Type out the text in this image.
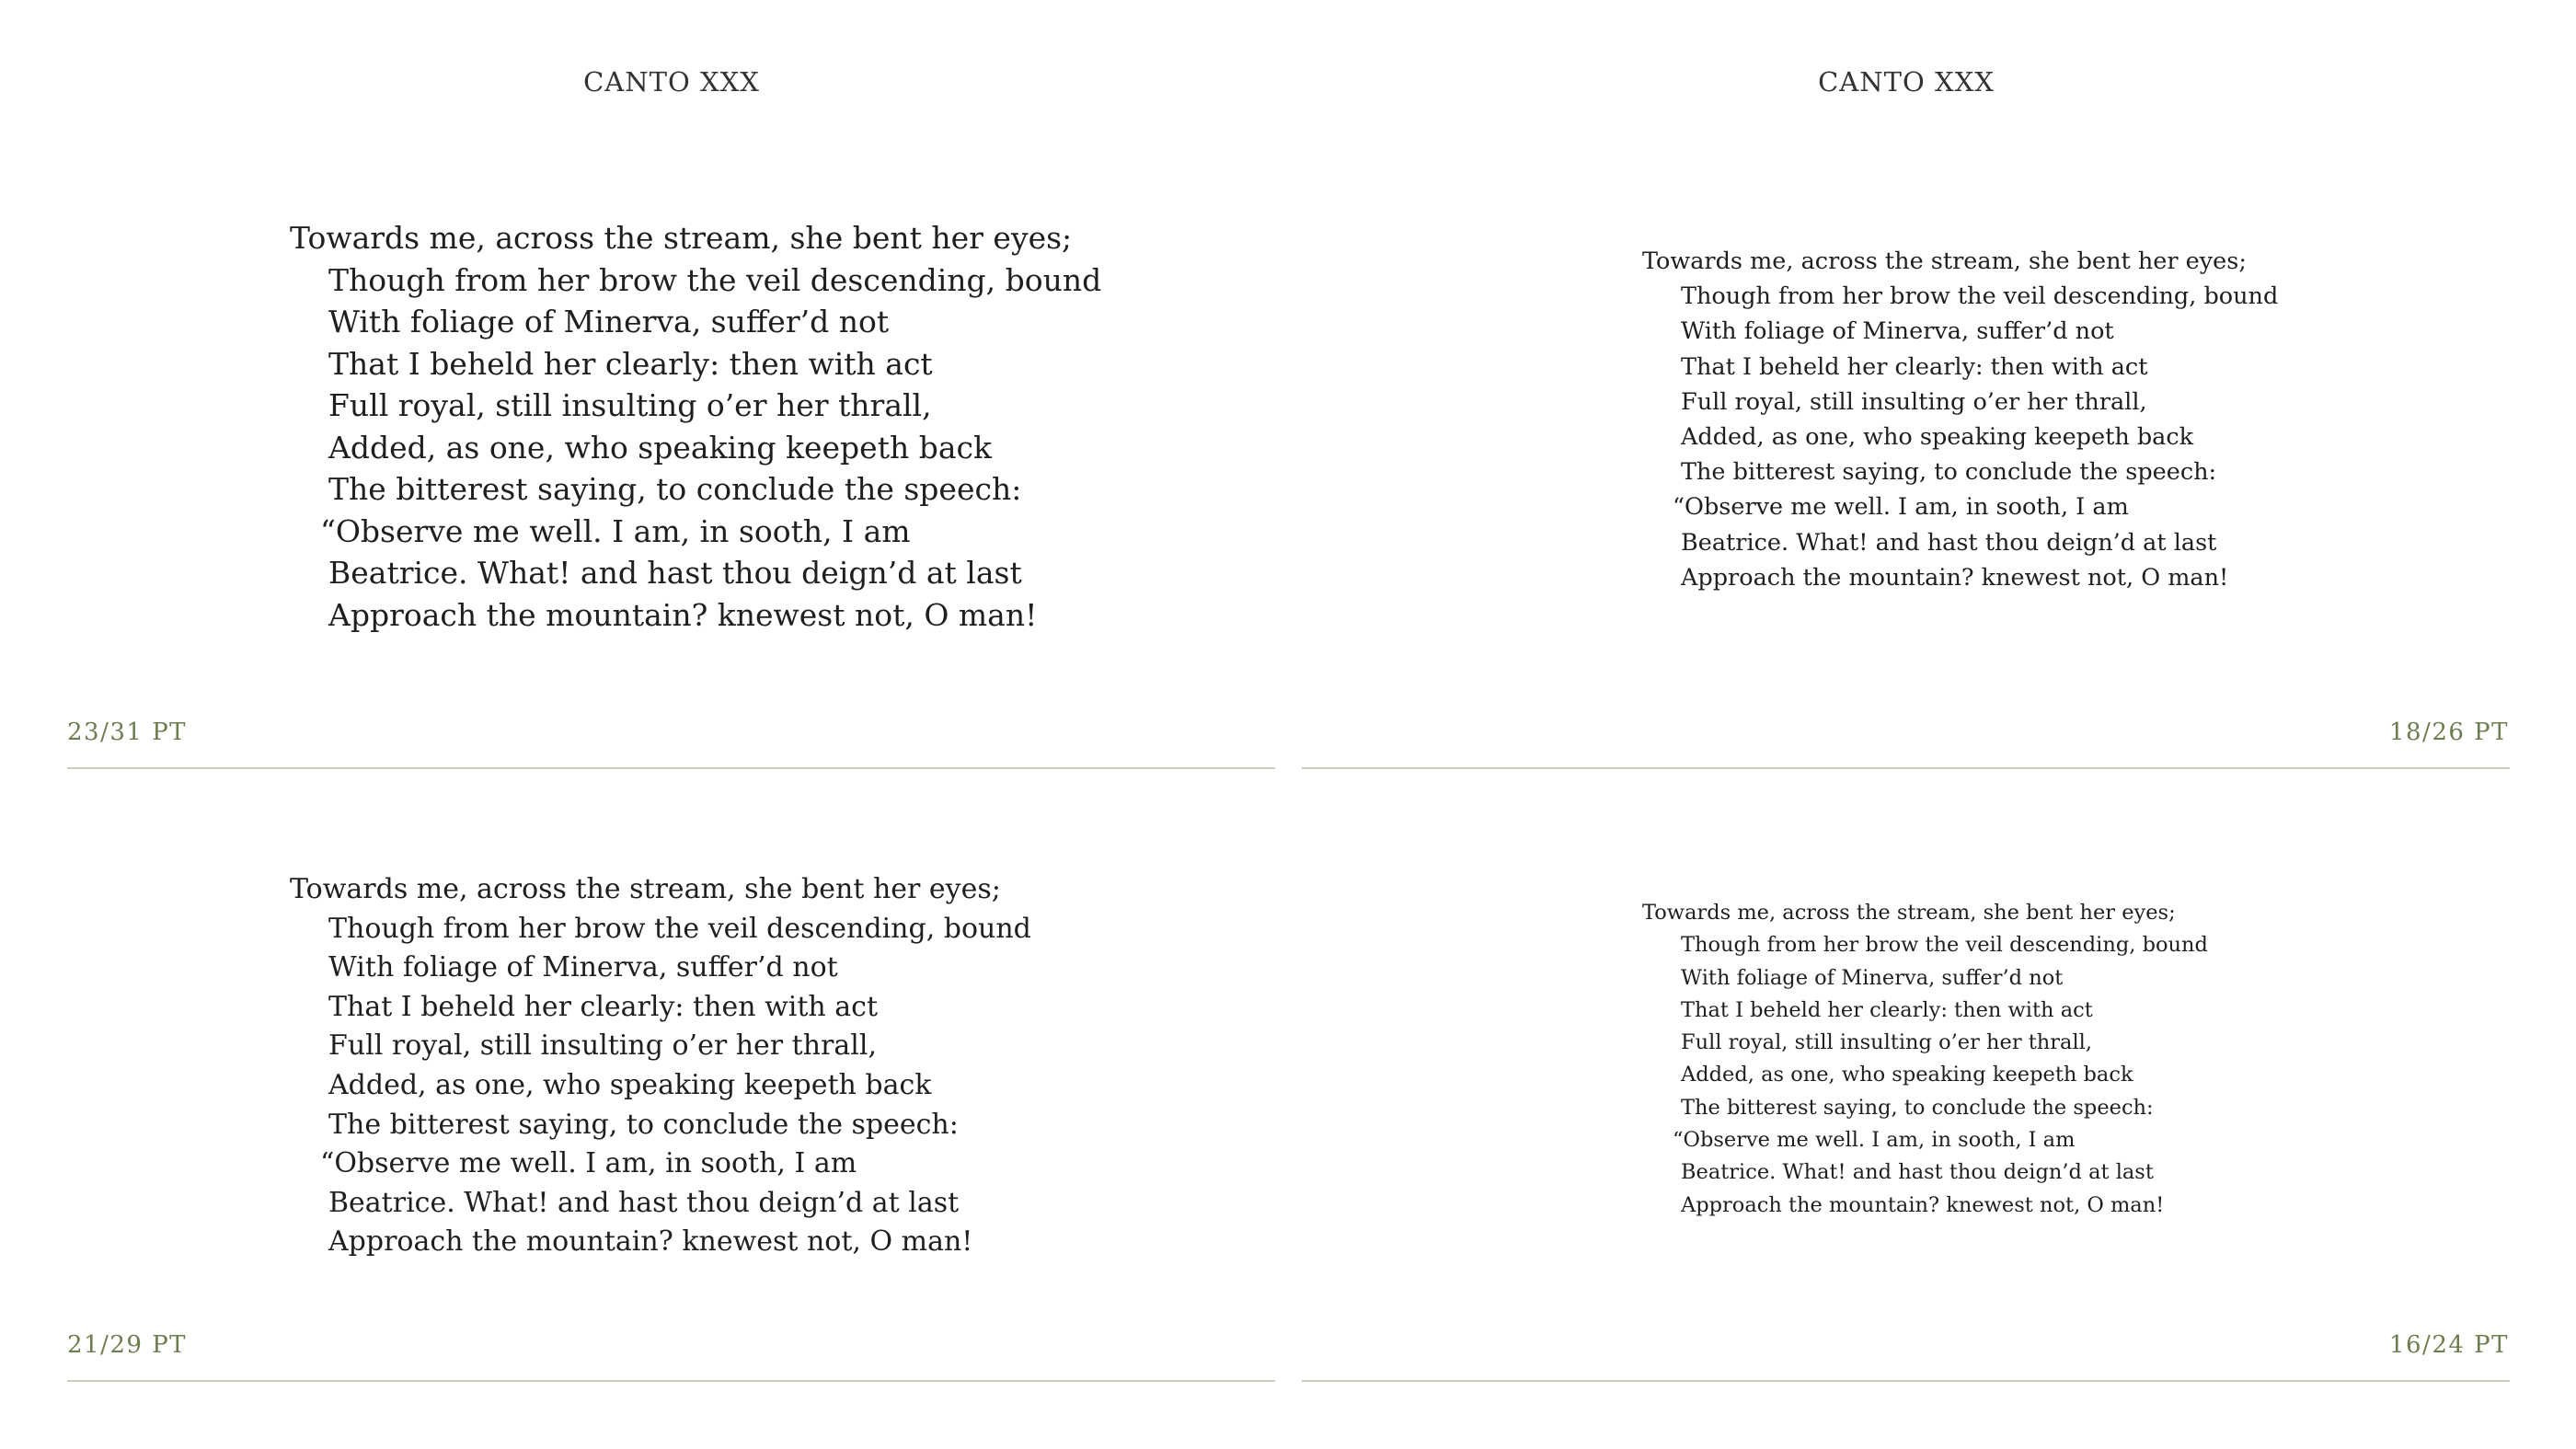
CANTO XXX	CANTO XXX
Towards me, across the stream, she bent her eyes;
Though from her brow the veil descending, bound
With foliage of Minerva, suffer’d not
That I beheld her clearly: then with act
Full royal, still insulting o’er her thrall,
Added, as one, who speaking keepeth back
The bitterest saying, to conclude the speech:
“Observe me well. I am, in sooth, I am
Beatrice. What! and hast thou deign’d at last
Approach the mountain? knewest not, O man!
23/31 PT
Towards me, across the stream, she bent her eyes;
Though from her brow the veil descending, bound
With foliage of Minerva, suffer’d not
That I beheld her clearly: then with act
Full royal, still insulting o’er her thrall,
Added, as one, who speaking keepeth back
The bitterest saying, to conclude the speech:
“Observe me well. I am, in sooth, I am
Beatrice. What! and hast thou deign’d at last
Approach the mountain? knewest not, O man!
18/26 PT
Towards me, across the stream, she bent her eyes;
Though from her brow the veil descending, bound
With foliage of Minerva, suffer’d not
That I beheld her clearly: then with act
Full royal, still insulting o’er her thrall,
Added, as one, who speaking keepeth back
The bitterest saying, to conclude the speech:
“Observe me well. I am, in sooth, I am
Beatrice. What! and hast thou deign’d at last
Approach the mountain? knewest not, O man!
21/29 PT
Towards me, across the stream, she bent her eyes;
Though from her brow the veil descending, bound
With foliage of Minerva, suffer’d not
That I beheld her clearly: then with act
Full royal, still insulting o’er her thrall,
Added, as one, who speaking keepeth back
The bitterest saying, to conclude the speech:
“Observe me well. I am, in sooth, I am
Beatrice. What! and hast thou deign’d at last
Approach the mountain? knewest not, O man!
16/24 PT
